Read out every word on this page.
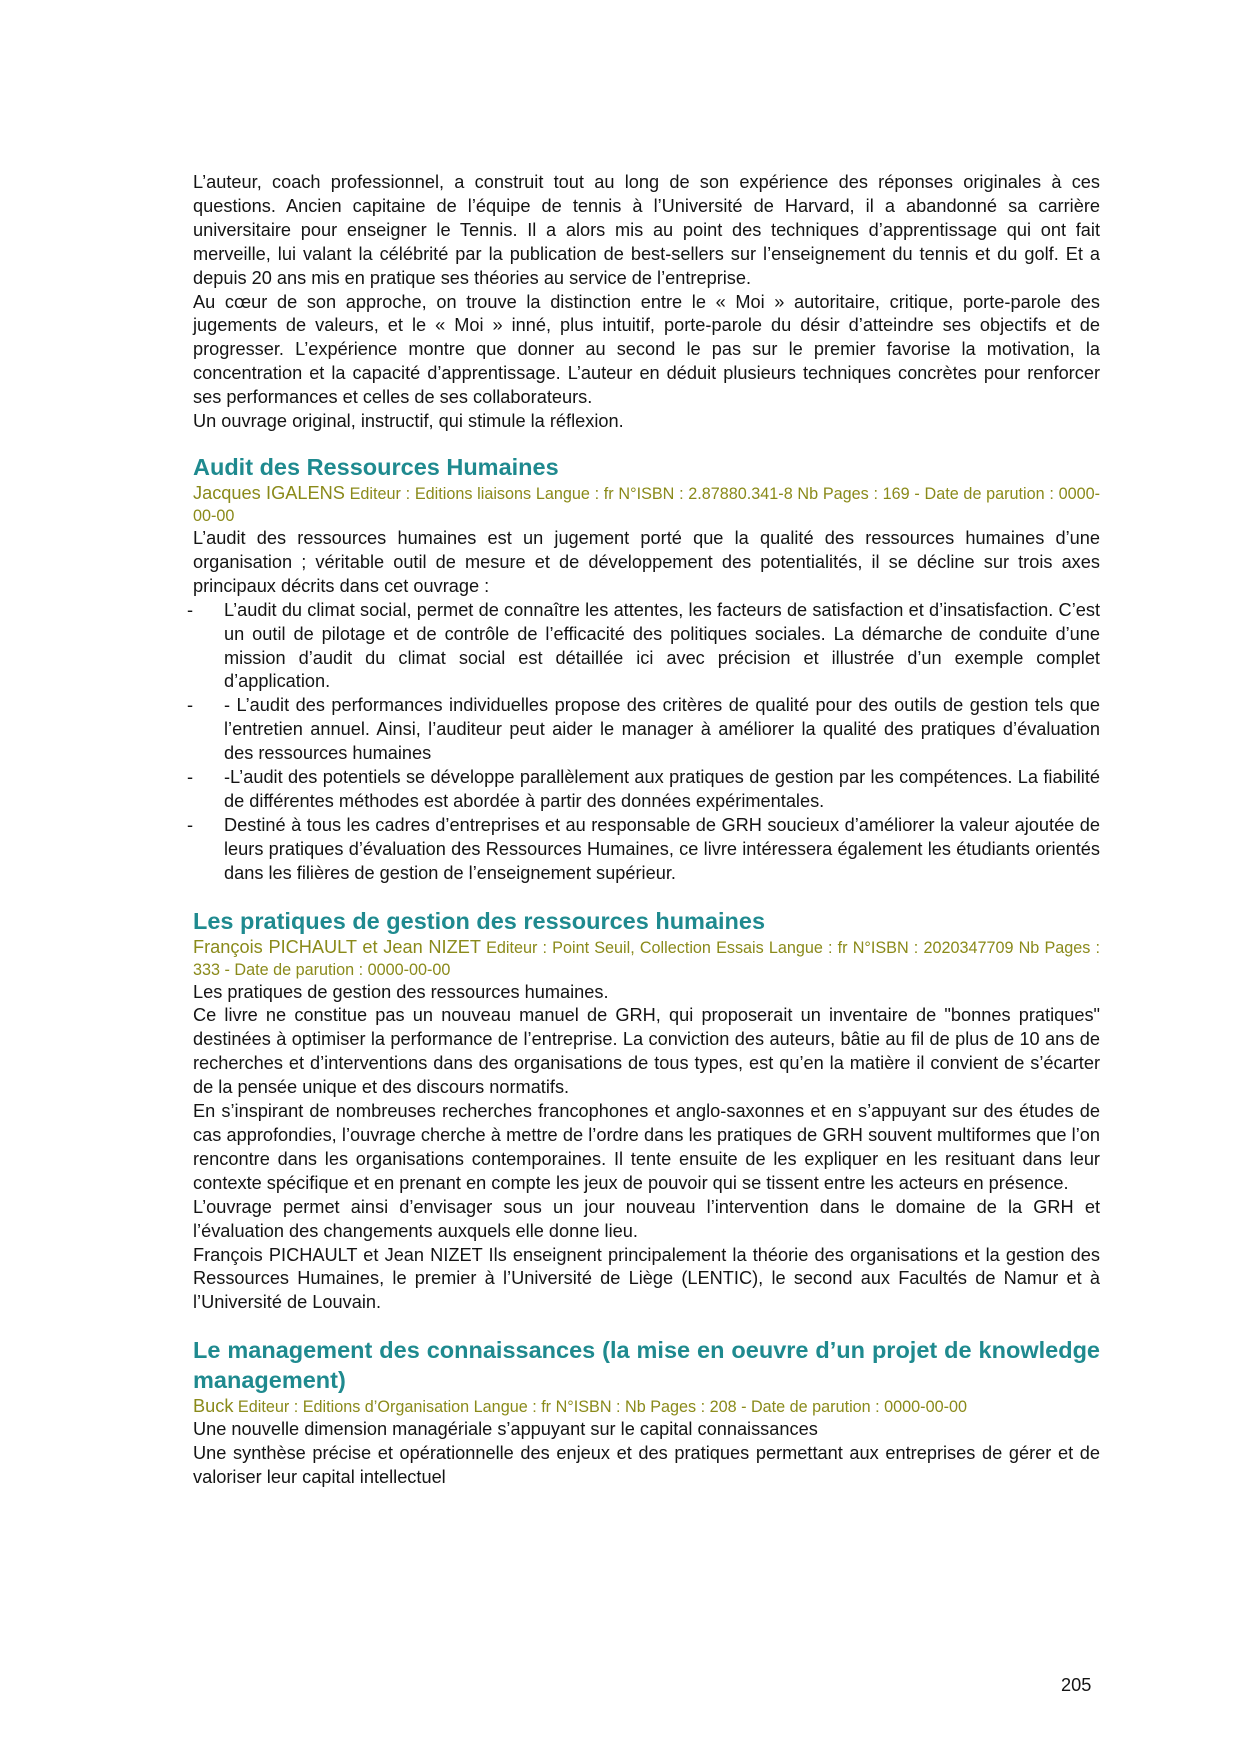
L’auteur, coach professionnel, a construit tout au long de son expérience des réponses originales à ces questions. Ancien capitaine de l’équipe de tennis à l’Université de Harvard, il a abandonné sa carrière universitaire pour enseigner le Tennis. Il a alors mis au point des techniques d’apprentissage qui ont fait merveille, lui valant la célébrité par la publication de best-sellers sur l’enseignement du tennis et du golf. Et a depuis 20 ans mis en pratique ses théories au service de l’entreprise.

Au cœur de son approche, on trouve la distinction entre le « Moi » autoritaire, critique, porte-parole des jugements de valeurs, et le « Moi » inné, plus intuitif, porte-parole du désir d’atteindre ses objectifs et de progresser. L’expérience montre que donner au second le pas sur le premier favorise la motivation, la concentration et la capacité d’apprentissage. L’auteur en déduit plusieurs techniques concrètes pour renforcer ses performances et celles de ses collaborateurs.

Un ouvrage original, instructif, qui stimule la réflexion.

Audit des Ressources Humaines

Jacques IGALENS Editeur : Editions liaisons Langue : fr N°ISBN : 2.87880.341-8 Nb Pages : 169 - Date de parution : 0000-00-00

L’audit des ressources humaines est un jugement porté que la qualité des ressources humaines d’une organisation ; véritable outil de mesure et de développement des potentialités, il se décline sur trois axes principaux décrits dans cet ouvrage :

- L’audit du climat social, permet de connaître les attentes, les facteurs de satisfaction et d’insatisfaction. C’est un outil de pilotage et de contrôle de l’efficacité des politiques sociales. La démarche de conduite d’une mission d’audit du climat social est détaillée ici avec précision et illustrée d’un exemple complet d’application.
- - L’audit des performances individuelles propose des critères de qualité pour des outils de gestion tels que l’entretien annuel. Ainsi, l’auditeur peut aider le manager à améliorer la qualité des pratiques d’évaluation des ressources humaines
- -L’audit des potentiels se développe parallèlement aux pratiques de gestion par les compétences. La fiabilité de différentes méthodes est abordée à partir des données expérimentales.
- Destiné à tous les cadres d’entreprises et au responsable de GRH soucieux d’améliorer la valeur ajoutée de leurs pratiques d’évaluation des Ressources Humaines, ce livre intéressera également les étudiants orientés dans les filières de gestion de l’enseignement supérieur.
Les pratiques de gestion des ressources humaines

François PICHAULT et Jean NIZET Editeur : Point Seuil, Collection Essais Langue : fr N°ISBN : 2020347709 Nb Pages : 333 - Date de parution : 0000-00-00

Les pratiques de gestion des ressources humaines.

Ce livre ne constitue pas un nouveau manuel de GRH, qui proposerait un inventaire de "bonnes pratiques" destinées à optimiser la performance de l’entreprise. La conviction des auteurs, bâtie au fil de plus de 10 ans de recherches et d’interventions dans des organisations de tous types, est qu’en la matière il convient de s’écarter de la pensée unique et des discours normatifs.

En s’inspirant de nombreuses recherches francophones et anglo-saxonnes et en s’appuyant sur des études de cas approfondies, l’ouvrage cherche à mettre de l’ordre dans les pratiques de GRH souvent multiformes que l’on rencontre dans les organisations contemporaines. Il tente ensuite de les expliquer en les resituant dans leur contexte spécifique et en prenant en compte les jeux de pouvoir qui se tissent entre les acteurs en présence.

L’ouvrage permet ainsi d’envisager sous un jour nouveau l’intervention dans le domaine de la GRH et l’évaluation des changements auxquels elle donne lieu.

François PICHAULT et Jean NIZET Ils enseignent principalement la théorie des organisations et la gestion des Ressources Humaines, le premier à l’Université de Liège (LENTIC), le second aux Facultés de Namur et à l’Université de Louvain.

Le management des connaissances (la mise en oeuvre d’un projet de knowledge management)

Buck Editeur : Editions d’Organisation Langue : fr N°ISBN : Nb Pages : 208 - Date de parution : 0000-00-00

Une nouvelle dimension managériale s’appuyant sur le capital connaissances

Une synthèse précise et opérationnelle des enjeux et des pratiques permettant aux entreprises de gérer et de valoriser leur capital intellectuel

205
